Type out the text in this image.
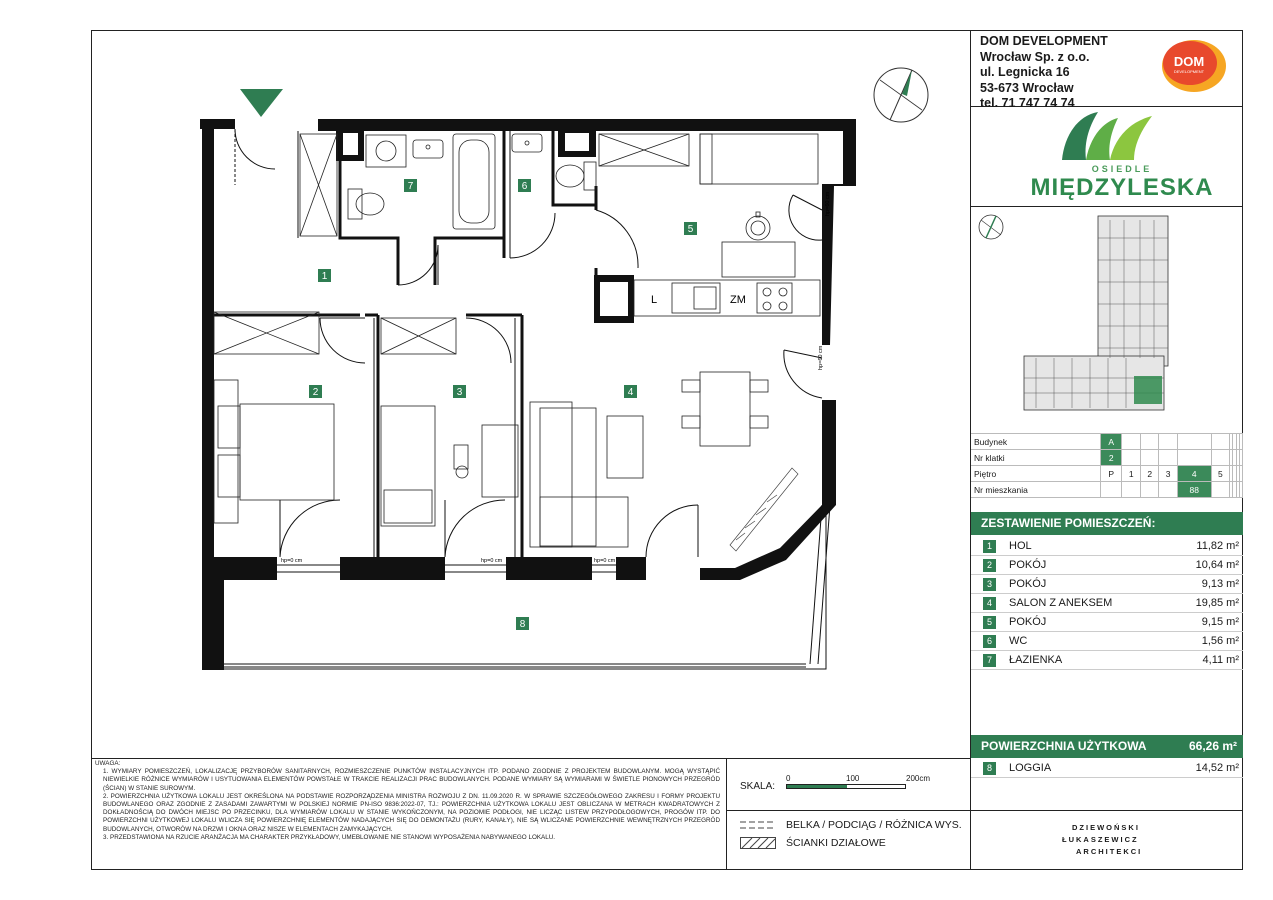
L	ZM
hp=0 cm	hp=0 cm	hp=0 cm
hp=60 cm
hp=60 cm
1
2	3	4
5
6
7
8
DOM DEVELOPMENT
Wrocław Sp. z o.o.
ul. Legnicka 16
53-673 Wrocław
tel. 71 747 74 74
DOM
DEVELOPMENT
OSIEDLE
MIĘDZYLESKA
Budynek	A									
Nr klatki	2									
Piętro	P	1	2	3	4	5				
Nr mieszkania					88					
ZESTAWIENIE POMIESZCZEŃ:
1	HOL	11,82 m²
2	POKÓJ	10,64 m²
3	POKÓJ	9,13 m²
4	SALON Z ANEKSEM	19,85 m²
5	POKÓJ	9,15 m²
6	WC	1,56 m²
7	ŁAZIENKA	4,11 m²
POWIERZCHNIA UŻYTKOWA	66,26 m²
8	LOGGIA	14,52 m²

UWAGA:

1. WYMIARY POMIESZCZEŃ, LOKALIZACJĘ PRZYBORÓW SANITARNYCH, ROZMIESZCZENIE PUNKTÓW INSTALACYJNYCH ITP. PODANO ZGODNIE Z PROJEKTEM BUDOWLANYM. MOGĄ WYSTĄPIĆ NIEWIELKIE RÓŻNICE WYMIARÓW I USYTUOWANIA ELEMENTÓW POWSTAŁE W TRAKCIE REALIZACJI PRAC BUDOWLANYCH. PODANE WYMIARY SĄ WYMIARAMI W ŚWIETLE PIONOWYCH PRZEGRÓD (ŚCIAN) W STANIE SUROWYM.

2. POWIERZCHNIA UŻYTKOWA LOKALU JEST OKREŚLONA NA PODSTAWIE ROZPORZĄDZENIA MINISTRA ROZWOJU Z DN. 11.09.2020 R. W SPRAWIE SZCZEGÓŁOWEGO ZAKRESU I FORMY PROJEKTU BUDOWLANEGO ORAZ ZGODNIE Z ZASADAMI ZAWARTYMI W POLSKIEJ NORMIE PN-ISO 9836:2022-07, TJ.: POWIERZCHNIA UŻYTKOWA LOKALU JEST OBLICZANA W METRACH KWADRATOWYCH Z DOKŁADNOŚCIĄ DO DWÓCH MIEJSC PO PRZECINKU, DLA WYMIARÓW LOKALU W STANIE WYKOŃCZONYM, NA POZIOMIE PODŁOGI, NIE LICZĄC LISTEW PRZYPODŁOGOWYCH, PROGÓW ITP. DO POWIERZCHNI UŻYTKOWEJ LOKALU WLICZA SIĘ POWIERZCHNIĘ ELEMENTÓW NADAJĄCYCH SIĘ DO DEMONTAŻU (RURY, KANAŁY), NIE SĄ WLICZANE POWIERZCHNIE WEWNĘTRZNYCH PRZEGRÓD BUDOWLANYCH, OTWORÓW NA DRZWI I OKNA ORAZ NISZE W ELEMENTACH ZAMYKAJĄCYCH.

3. PRZEDSTAWIONA NA RZUCIE ARANŻACJA MA CHARAKTER PRZYKŁADOWY, UMEBLOWANIE NIE STANOWI WYPOSAŻENIA NABYWANEGO LOKALU.

SKALA:
0	100	200cm
BELKA / PODCIĄG / RÓŻNICA WYS.
ŚCIANKI DZIAŁOWE
DZIEWOŃSKI
ŁUKASZEWICZ
ARCHITEKCI
